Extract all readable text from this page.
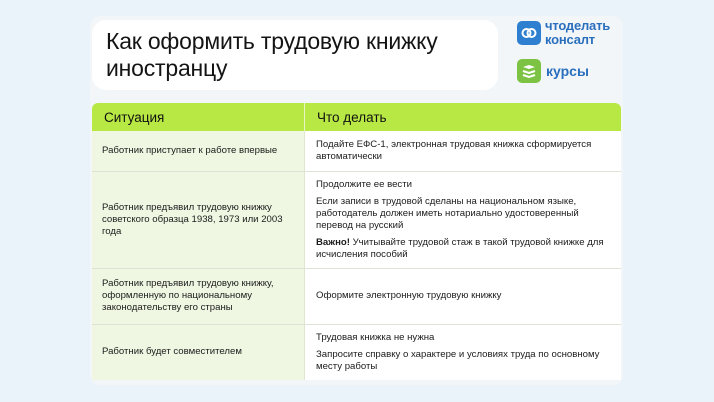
Как оформить трудовую книжку иностранцу
чтоделать
консалт
курсы
Ситуация	Что делать
Работник приступает к работе впервые	Подайте ЕФС-1, электронная трудовая книжка сформируется автоматически

Работник предъявил трудовую книжку советского образца 1938, 1973 или 2003 года	Продолжите ее вести

Если записи в трудовой сделаны на национальном языке, работодатель должен иметь нотариально удостоверенный перевод на русский

Важно! Учитывайте трудовой стаж в такой трудовой книжке для исчисления пособий

Работник предъявил трудовую книжку, оформленную по национальному законодательству его страны	Оформите электронную трудовую книжку

Работник будет совместителем	Трудовая книжка не нужна

Запросите справку о характере и условиях труда по основному месту работы
